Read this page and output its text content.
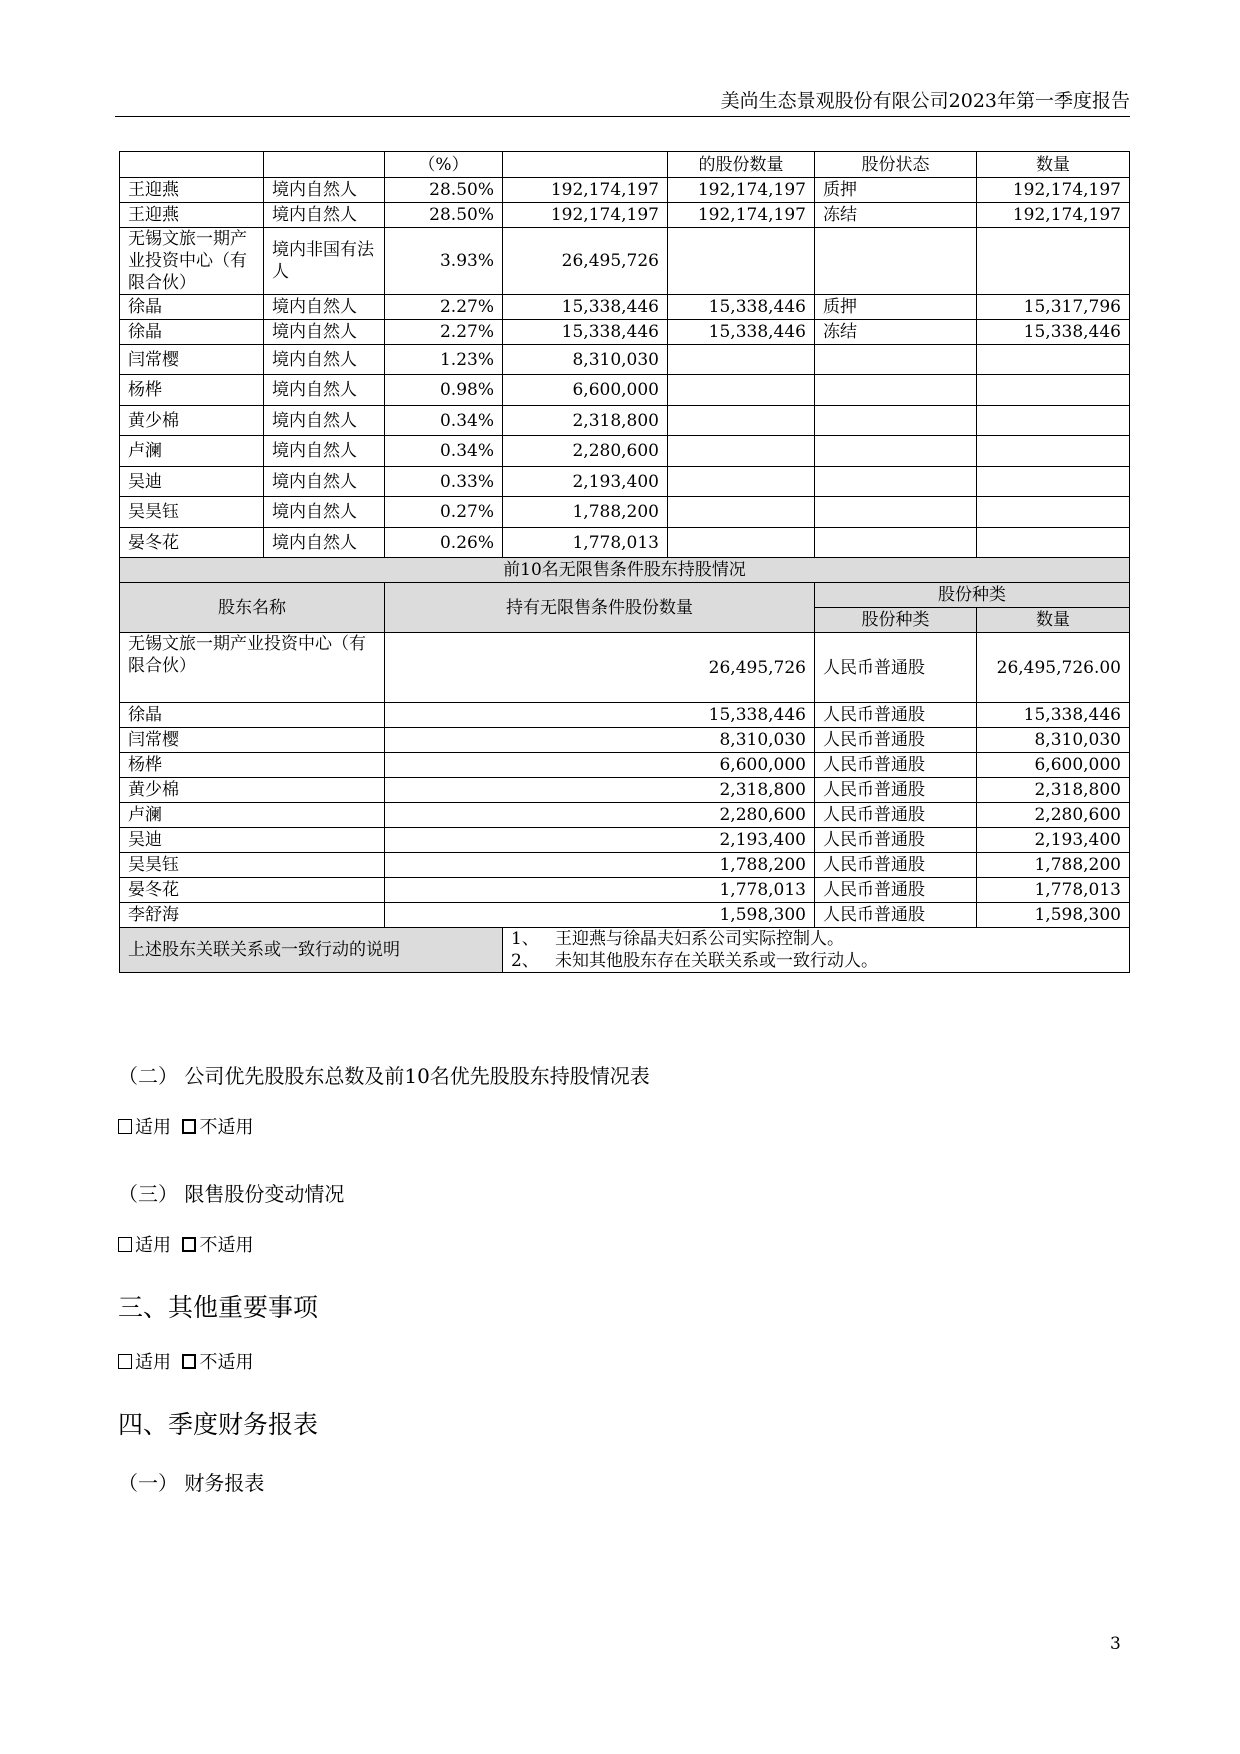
美尚生态景观股份有限公司2023年第一季度报告
		（%）		的股份数量	股份状态	数量
王迎燕	境内自然人	28.50%	192,174,197	192,174,197	质押	192,174,197
王迎燕	境内自然人	28.50%	192,174,197	192,174,197	冻结	192,174,197
无锡文旅一期产业投资中心（有限合伙）	境内非国有法人	3.93%	26,495,726			
徐晶	境内自然人	2.27%	15,338,446	15,338,446	质押	15,317,796
徐晶	境内自然人	2.27%	15,338,446	15,338,446	冻结	15,338,446
闫常樱	境内自然人	1.23%	8,310,030			
杨桦	境内自然人	0.98%	6,600,000			
黄少棉	境内自然人	0.34%	2,318,800			
卢澜	境内自然人	0.34%	2,280,600			
吴迪	境内自然人	0.33%	2,193,400			
吴昊钰	境内自然人	0.27%	1,788,200			
晏冬花	境内自然人	0.26%	1,778,013			
前10名无限售条件股东持股情况						
股东名称		持有无限售条件股份数量			股份种类	
					股份种类	数量
无锡文旅一期产业投资中心（有限合伙）		26,495,726			人民币普通股	26,495,726.00
徐晶		15,338,446			人民币普通股	15,338,446
闫常樱		8,310,030			人民币普通股	8,310,030
杨桦		6,600,000			人民币普通股	6,600,000
黄少棉		2,318,800			人民币普通股	2,318,800
卢澜		2,280,600			人民币普通股	2,280,600
吴迪		2,193,400			人民币普通股	2,193,400
吴昊钰		1,788,200			人民币普通股	1,788,200
晏冬花		1,778,013			人民币普通股	1,778,013
李舒海		1,598,300			人民币普通股	1,598,300
上述股东关联关系或一致行动的说明			1、 王迎燕与徐晶夫妇系公司实际控制人。
2、 未知其他股东存在关联关系或一致行动人。			
（二） 公司优先股股东总数及前10名优先股股东持股情况表
适用 不适用
（三） 限售股份变动情况
适用 不适用
三、其他重要事项
适用 不适用
四、季度财务报表
（一） 财务报表
3
